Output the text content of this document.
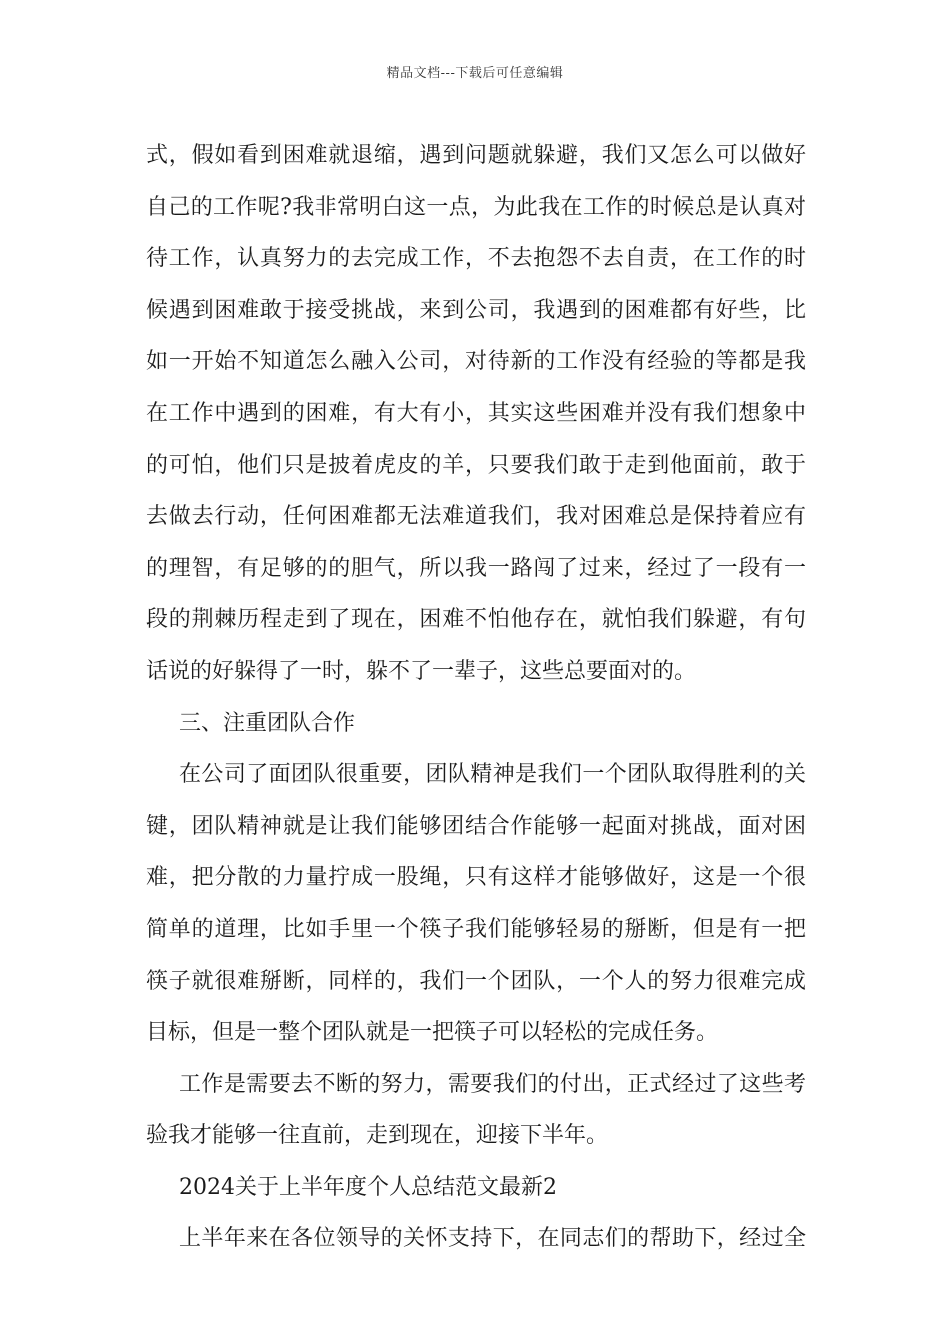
精品文档---下载后可任意编辑
式，假如看到困难就退缩，遇到问题就躲避，我们又怎么可以做好
自己的工作呢?我非常明白这一点，为此我在工作的时候总是认真对
待工作，认真努力的去完成工作，不去抱怨不去自责，在工作的时
候遇到困难敢于接受挑战，来到公司，我遇到的困难都有好些，比
如一开始不知道怎么融入公司，对待新的工作没有经验的等都是我
在工作中遇到的困难，有大有小，其实这些困难并没有我们想象中
的可怕，他们只是披着虎皮的羊，只要我们敢于走到他面前，敢于
去做去行动，任何困难都无法难道我们，我对困难总是保持着应有
的理智，有足够的的胆气，所以我一路闯了过来，经过了一段有一
段的荆棘历程走到了现在，困难不怕他存在，就怕我们躲避，有句
话说的好躲得了一时，躲不了一辈子，这些总要面对的。
三、注重团队合作
在公司了面团队很重要，团队精神是我们一个团队取得胜利的关
键，团队精神就是让我们能够团结合作能够一起面对挑战，面对困
难，把分散的力量拧成一股绳，只有这样才能够做好，这是一个很
简单的道理，比如手里一个筷子我们能够轻易的掰断，但是有一把
筷子就很难掰断，同样的，我们一个团队，一个人的努力很难完成
目标，但是一整个团队就是一把筷子可以轻松的完成任务。
工作是需要去不断的努力，需要我们的付出，正式经过了这些考
验我才能够一往直前，走到现在，迎接下半年。
2024关于上半年度个人总结范文最新2
上半年来在各位领导的关怀支持下，在同志们的帮助下，经过全
